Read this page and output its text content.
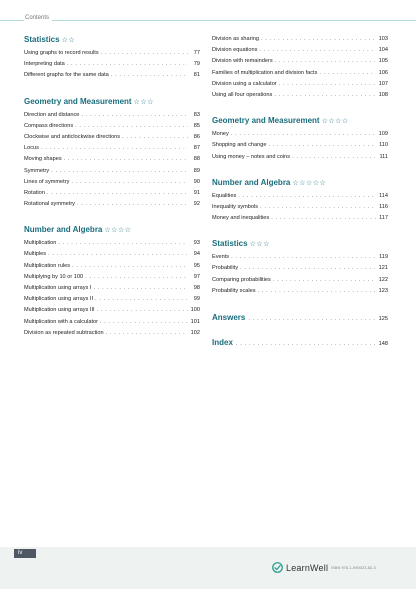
Contents
Statistics ☆☆
Using graphs to record results . . .	77
Interpreting data . . .	79
Different graphs for the same data . . .	81
Geometry and Measurement ☆☆☆
Direction and distance . . .	83
Compass directions . . .	85
Clockwise and anticlockwise directions . . .	86
Locus . . .	87
Moving shapes . . .	88
Symmetry . . .	89
Lines of symmetry . . .	90
Rotation . . .	91
Rotational symmetry . . .	92
Number and Algebra ☆☆☆☆
Multiplication . . .	93
Multiples . . .	94
Multiplication rules . . .	95
Multiplying by 10 or 100 . . .	97
Multiplication using arrays I . . .	98
Multiplication using arrays II . . .	99
Multiplication using arrays III . . .	100
Multiplication with a calculator . . .	101
Division as repeated subtraction . . .	102
Division as sharing . . .	103
Division equations . . .	104
Division with remainders . . .	105
Families of multiplication and division facts . . .	106
Division using a calculator . . .	107
Using all four operations . . .	108
Geometry and Measurement ☆☆☆☆
Money . . .	109
Shopping and change . . .	110
Using money – notes and coins . . .	111
Number and Algebra ☆☆☆☆☆
Equalities . . .	114
Inequality symbols . . .	116
Money and inequalities . . .	117
Statistics ☆☆☆
Events . . .	119
Probability . . .	121
Comparing probabilities . . .	122
Probability scales . . .	123
Answers . . .	125
Index . . .	148
iv
LearnWell ISBN 978-1-990023-82-3
